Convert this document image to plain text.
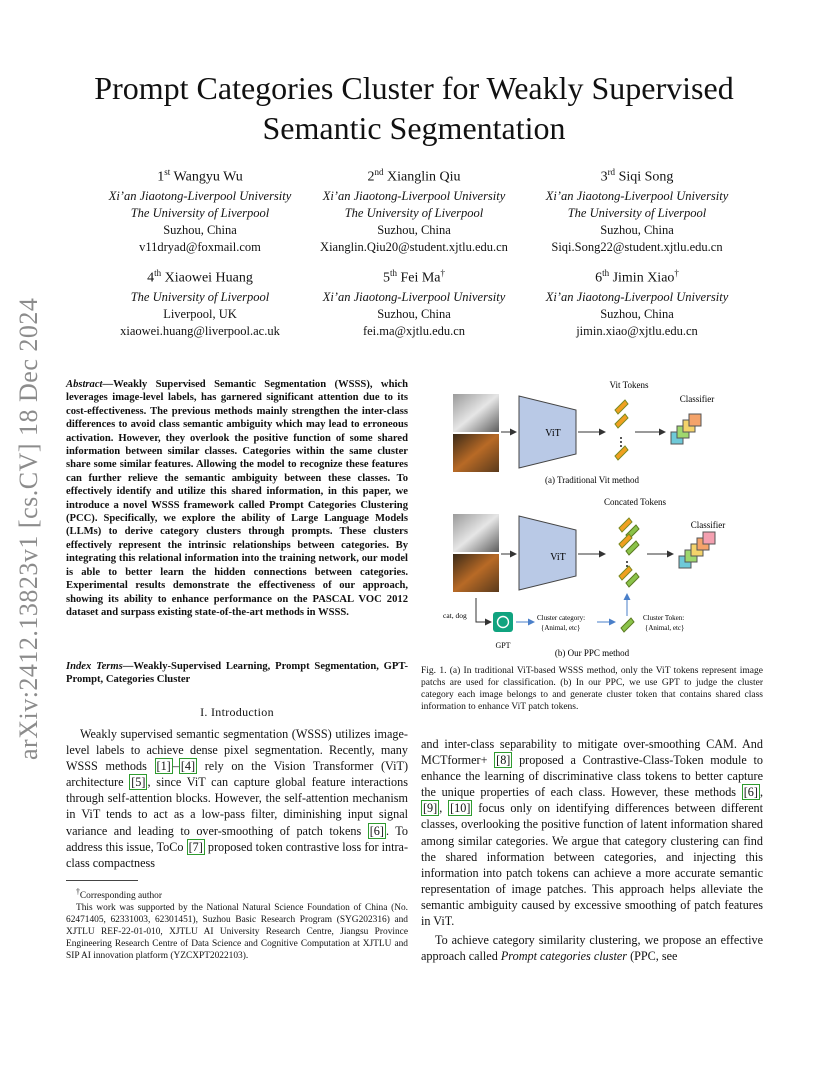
arXiv:2412.13823v1 [cs.CV] 18 Dec 2024
Prompt Categories Cluster for Weakly Supervised
Semantic Segmentation
1st Wangyu Wu
Xi’an Jiaotong-Liverpool University
The University of Liverpool
Suzhou, China
v11dryad@foxmail.com
2nd Xianglin Qiu
Xi’an Jiaotong-Liverpool University
The University of Liverpool
Suzhou, China
Xianglin.Qiu20@student.xjtlu.edu.cn
3rd Siqi Song
Xi’an Jiaotong-Liverpool University
The University of Liverpool
Suzhou, China
Siqi.Song22@student.xjtlu.edu.cn
4th Xiaowei Huang
The University of Liverpool
Liverpool, UK
xiaowei.huang@liverpool.ac.uk
5th Fei Ma†
Xi’an Jiaotong-Liverpool University
Suzhou, China
fei.ma@xjtlu.edu.cn
6th Jimin Xiao†
Xi’an Jiaotong-Liverpool University
Suzhou, China
jimin.xiao@xjtlu.edu.cn
Abstract—Weakly Supervised Semantic Segmentation (WSSS), which leverages image-level labels, has garnered significant attention due to its cost-effectiveness. The previous methods mainly strengthen the inter-class differences to avoid class semantic ambiguity which may lead to erroneous activation. However, they overlook the positive function of some shared information between similar classes. Categories within the same cluster share some similar features. Allowing the model to recognize these features can further relieve the semantic ambiguity between these classes. To effectively identify and utilize this shared information, in this paper, we introduce a novel WSSS framework called Prompt Categories Clustering (PCC). Specifically, we explore the ability of Large Language Models (LLMs) to derive category clusters through prompts. These clusters effectively represent the intrinsic relationships between categories. By integrating this relational information into the training network, our model is able to better learn the hidden connections between categories. Experimental results demonstrate the effectiveness of our approach, showing its ability to enhance performance on the PASCAL VOC 2012 dataset and surpass existing state-of-the-art methods in WSSS.
Index Terms—Weakly-Supervised Learning, Prompt Segmentation, GPT-Prompt, Categories Cluster
I. Introduction
Weakly supervised semantic segmentation (WSSS) utilizes image-level labels to achieve dense pixel segmentation. Recently, many WSSS methods [1] – [4] rely on the Vision Transformer (ViT) architecture [5] , since ViT can capture global feature interactions through self-attention blocks. However, the self-attention mechanism in ViT tends to act as a low-pass filter, diminishing input signal variance and leading to over-smoothing of patch tokens [6] . To address this issue, ToCo [7] proposed token contrastive loss for intra-class compactness
†Corresponding author
This work was supported by the National Natural Science Foundation of China (No. 62471405, 62331003, 62301451), Suzhou Basic Research Program (SYG202316) and XJTLU REF-22-01-010, XJTLU AI University Research Centre, Jiangsu Province Engineering Research Centre of Data Science and Cognitive Computation at XJTLU and SIP AI innovation platform (YZCXPT2022103).
ViT
Vit Tokens
Classifier
(a) Traditional Vit method
ViT
Concated Tokens
Classifier
cat, dog
GPT
Cluster category:
{Animal, etc}
Cluster Token:
{Animal, etc}
(b) Our PPC method
Fig. 1. (a) In traditional ViT-based WSSS method, only the ViT tokens represent image patchs are used for classification. (b) In our PPC, we use GPT to judge the cluster category each image belongs to and generate cluster token that contains shared class information to enhance ViT patch tokens.

and inter-class separability to mitigate over-smoothing CAM. And MCTformer+ [8] proposed a Contrastive-Class-Token module to enhance the learning of discriminative class tokens to better capture the unique properties of each class. However, these methods [6] , [9] , [10] focus only on identifying differences between different classes, overlooking the positive function of latent information shared among similar categories. We argue that category clustering can find the shared information between categories, and injecting this information into patch tokens can achieve a more accurate semantic representation of image patches. This approach helps alleviate the semantic ambiguity caused by excessive smoothing of patch features in ViT.

To achieve category similarity clustering, we propose an effective approach called Prompt categories cluster (PPC, see
